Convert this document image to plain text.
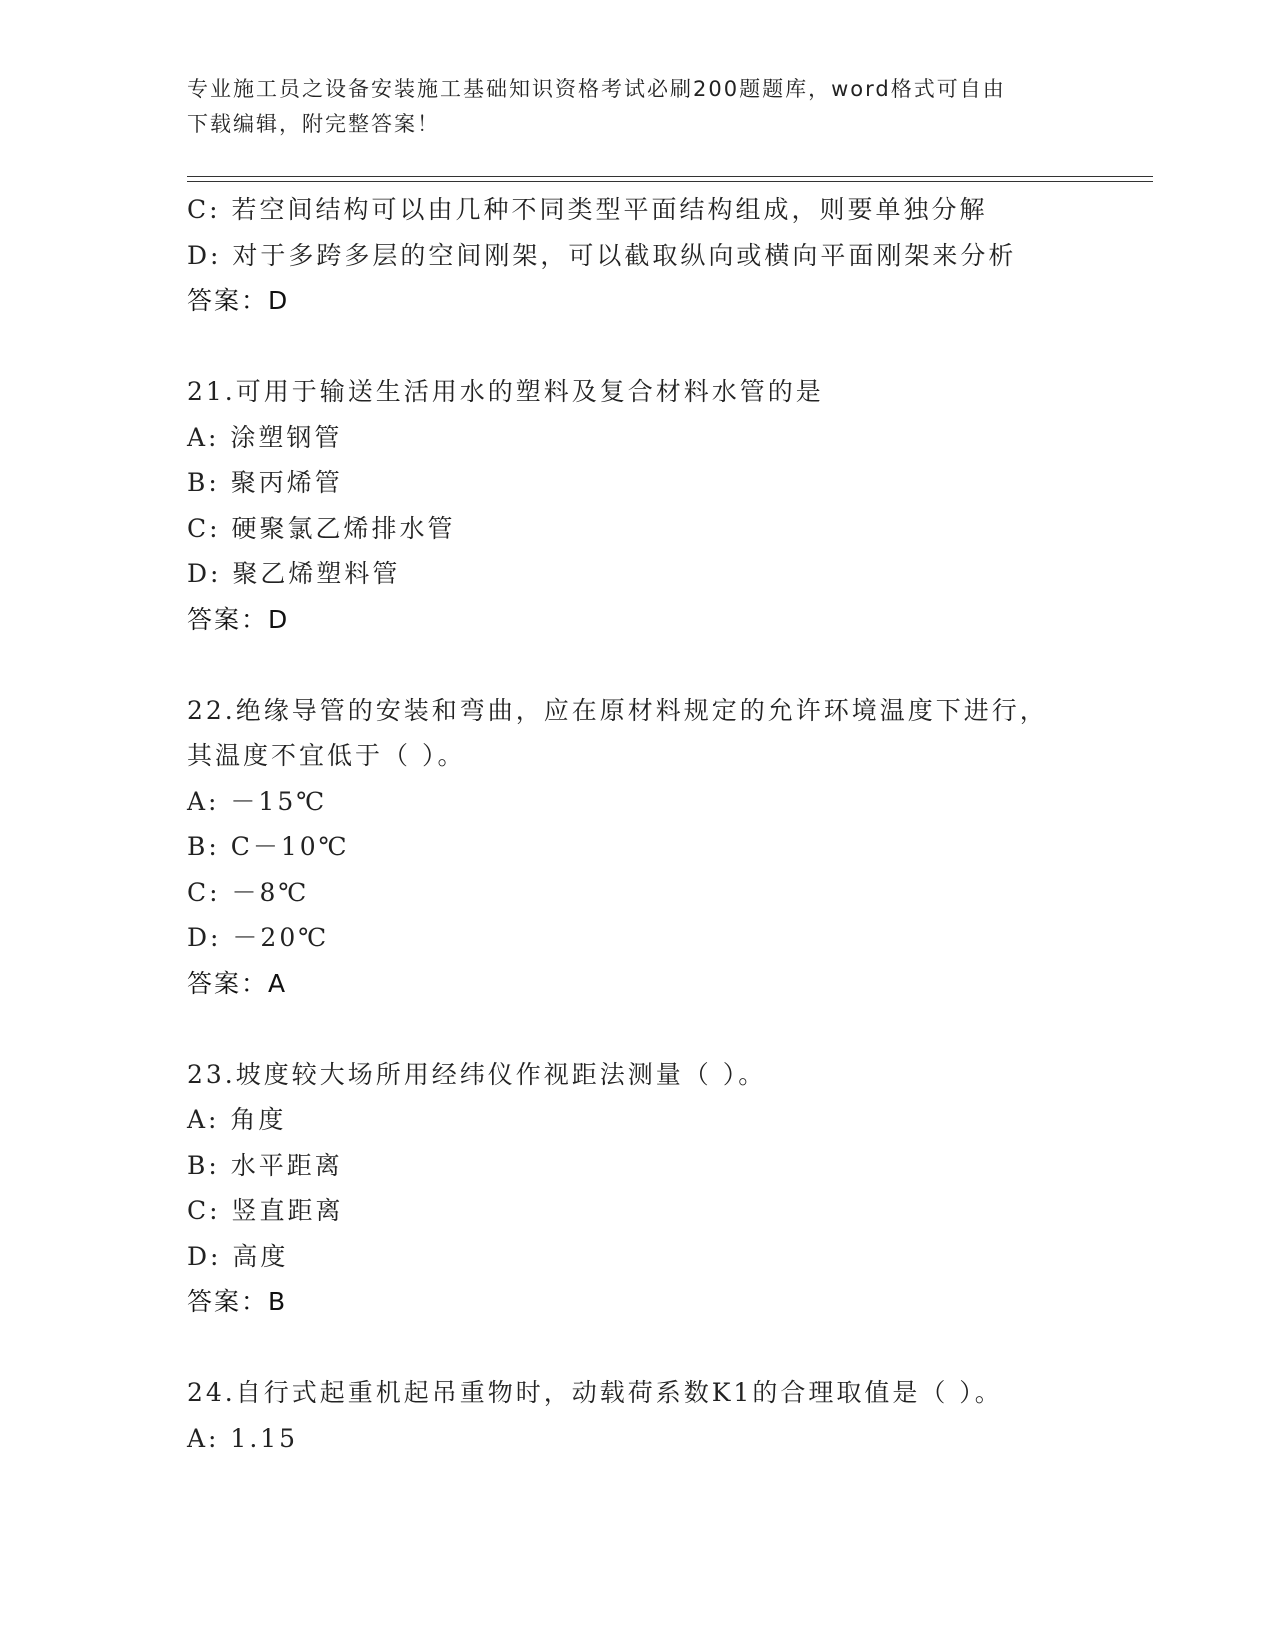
专业施工员之设备安装施工基础知识资格考试必刷200题题库，word格式可自由
下载编辑，附完整答案！
C: 若空间结构可以由几种不同类型平面结构组成，则要单独分解
D: 对于多跨多层的空间刚架，可以截取纵向或横向平面刚架来分析
答案：D
21.可用于输送生活用水的塑料及复合材料水管的是
A: 涂塑钢管
B: 聚丙烯管
C: 硬聚氯乙烯排水管
D: 聚乙烯塑料管
答案：D
22.绝缘导管的安装和弯曲，应在原材料规定的允许环境温度下进行，
其温度不宜低于（ ）。
A: －15℃
B: C－10℃
C: －8℃
D: －20℃
答案：A
23.坡度较大场所用经纬仪作视距法测量（ ）。
A: 角度
B: 水平距离
C: 竖直距离
D: 高度
答案：B
24.自行式起重机起吊重物时，动载荷系数K1的合理取值是（ ）。
A: 1.15
